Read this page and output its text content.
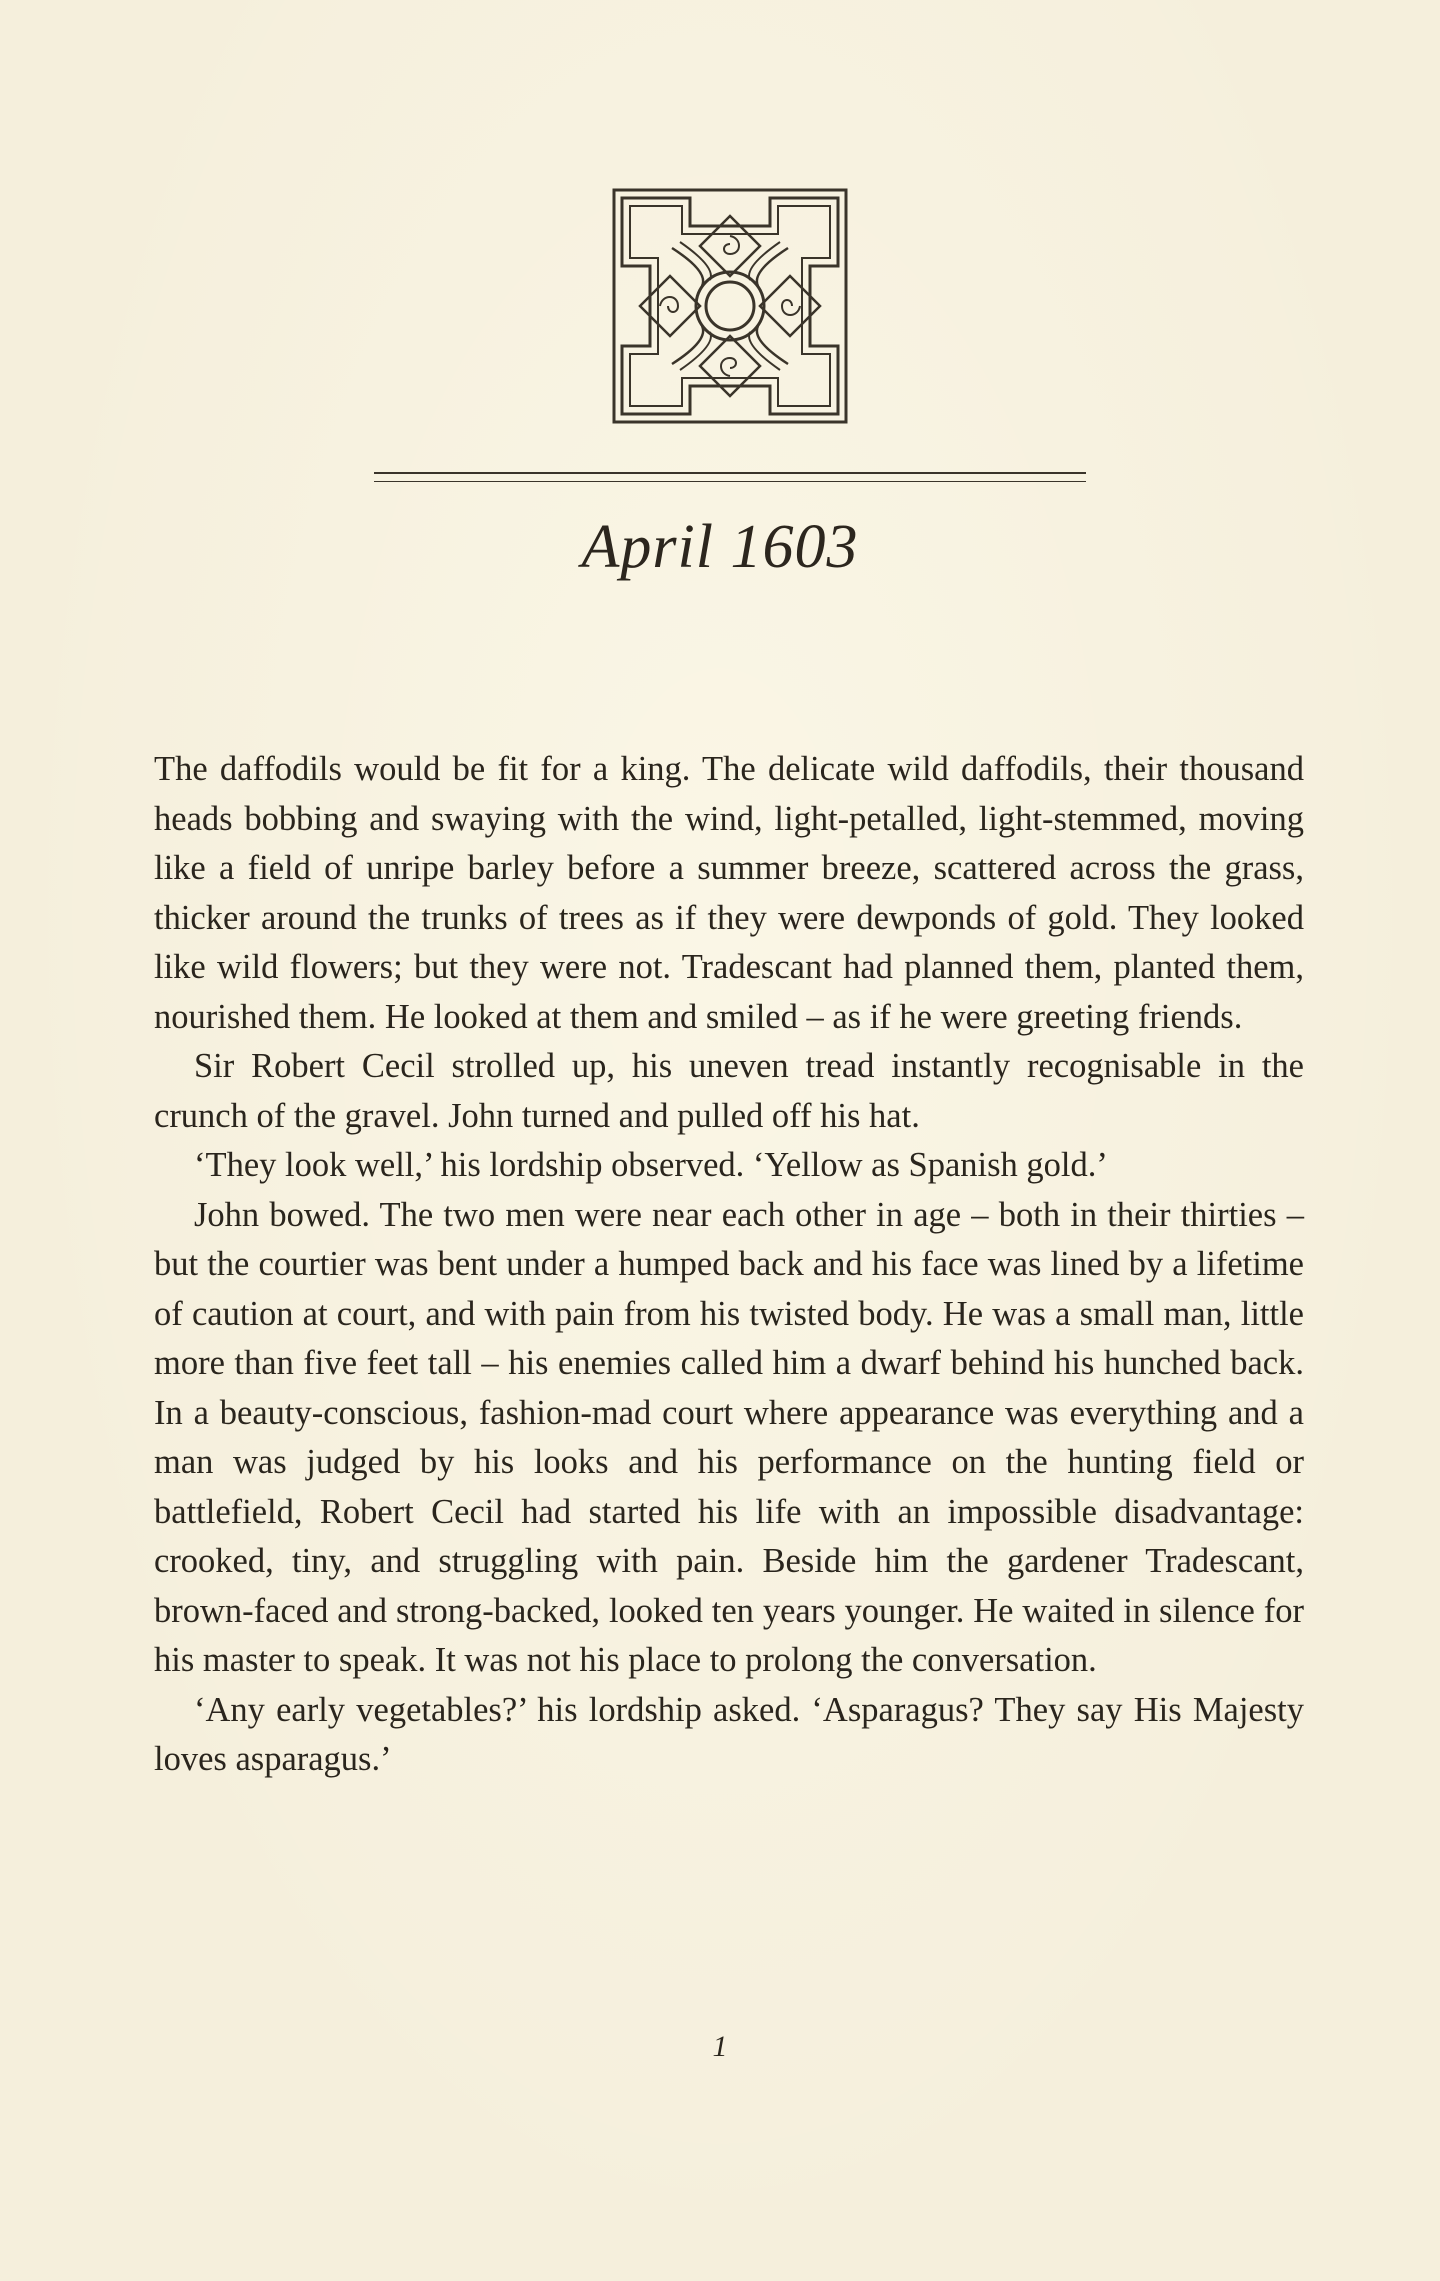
April 1603

The daffodils would be fit for a king. The delicate wild daffodils, their thousand heads bobbing and swaying with the wind, light-petalled, light-stemmed, moving like a field of unripe barley before a summer breeze, scattered across the grass, thicker around the trunks of trees as if they were dewponds of gold. They looked like wild flowers; but they were not. Tradescant had planned them, planted them, nourished them. He looked at them and smiled – as if he were greeting friends.

Sir Robert Cecil strolled up, his uneven tread instantly recognisable in the crunch of the gravel. John turned and pulled off his hat.

‘They look well,’ his lordship observed. ‘Yellow as Spanish gold.’

John bowed. The two men were near each other in age – both in their thirties – but the courtier was bent under a humped back and his face was lined by a lifetime of caution at court, and with pain from his twisted body. He was a small man, little more than five feet tall – his enemies called him a dwarf behind his hunched back. In a beauty-conscious, fashion-mad court where appearance was everything and a man was judged by his looks and his performance on the hunting field or battlefield, Robert Cecil had started his life with an impossible disadvantage: crooked, tiny, and struggling with pain. Beside him the gardener Tradescant, brown-faced and strong-backed, looked ten years younger. He waited in silence for his master to speak. It was not his place to prolong the conversation.

‘Any early vegetables?’ his lordship asked. ‘Asparagus? They say His Majesty loves asparagus.’

1
